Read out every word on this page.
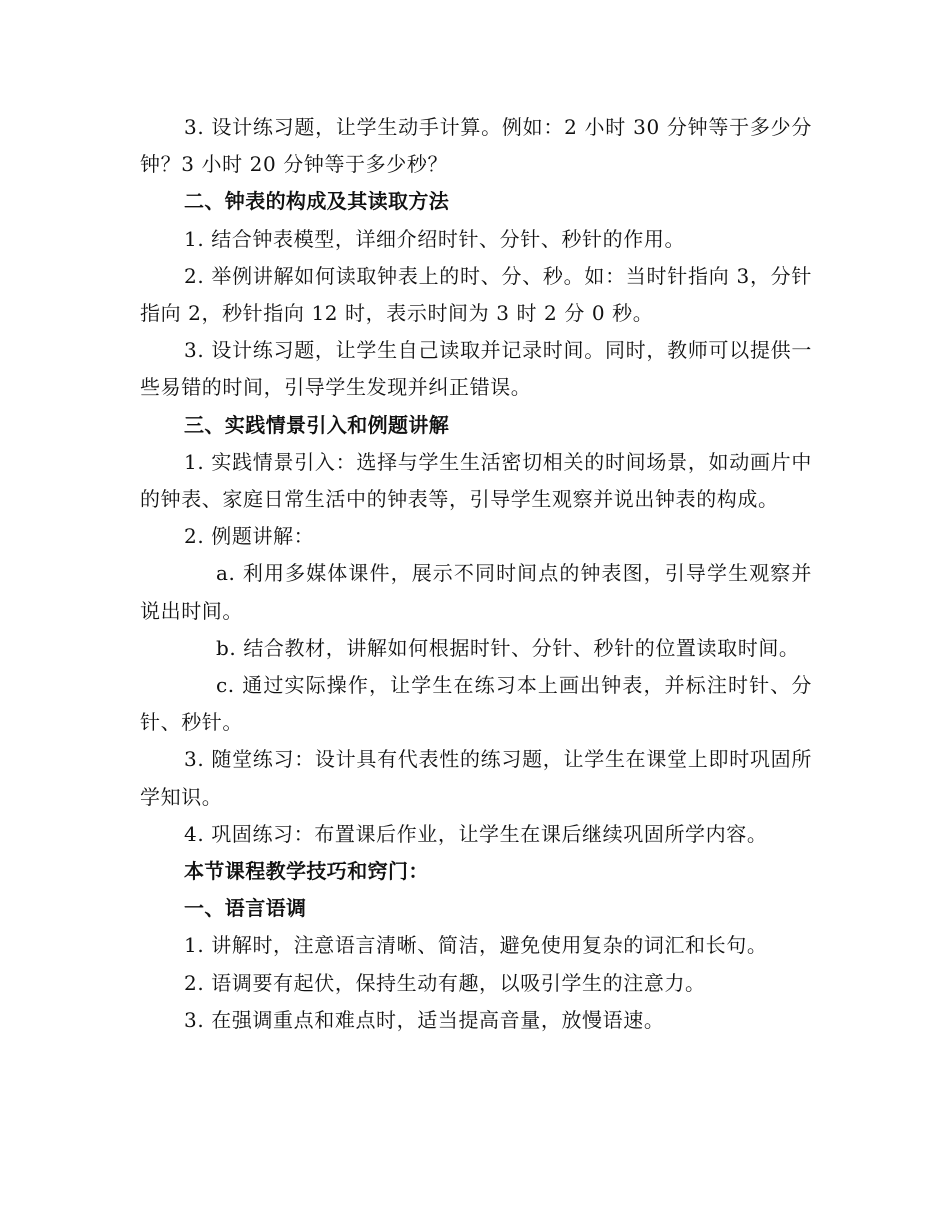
3. 设计练习题，让学生动手计算。例如：2 小时 30 分钟等于多少分钟？3 小时 20 分钟等于多少秒？

二、钟表的构成及其读取方法

1. 结合钟表模型，详细介绍时针、分针、秒针的作用。

2. 举例讲解如何读取钟表上的时、分、秒。如：当时针指向 3，分针指向 2，秒针指向 12 时，表示时间为 3 时 2 分 0 秒。

3. 设计练习题，让学生自己读取并记录时间。同时，教师可以提供一些易错的时间，引导学生发现并纠正错误。

三、实践情景引入和例题讲解

1. 实践情景引入：选择与学生生活密切相关的时间场景，如动画片中的钟表、家庭日常生活中的钟表等，引导学生观察并说出钟表的构成。

2. 例题讲解：

a. 利用多媒体课件，展示不同时间点的钟表图，引导学生观察并说出时间。

b. 结合教材，讲解如何根据时针、分针、秒针的位置读取时间。

c. 通过实际操作，让学生在练习本上画出钟表，并标注时针、分针、秒针。

3. 随堂练习：设计具有代表性的练习题，让学生在课堂上即时巩固所学知识。

4. 巩固练习：布置课后作业，让学生在课后继续巩固所学内容。

本节课程教学技巧和窍门：

一、语言语调

1. 讲解时，注意语言清晰、简洁，避免使用复杂的词汇和长句。

2. 语调要有起伏，保持生动有趣，以吸引学生的注意力。

3. 在强调重点和难点时，适当提高音量，放慢语速。
